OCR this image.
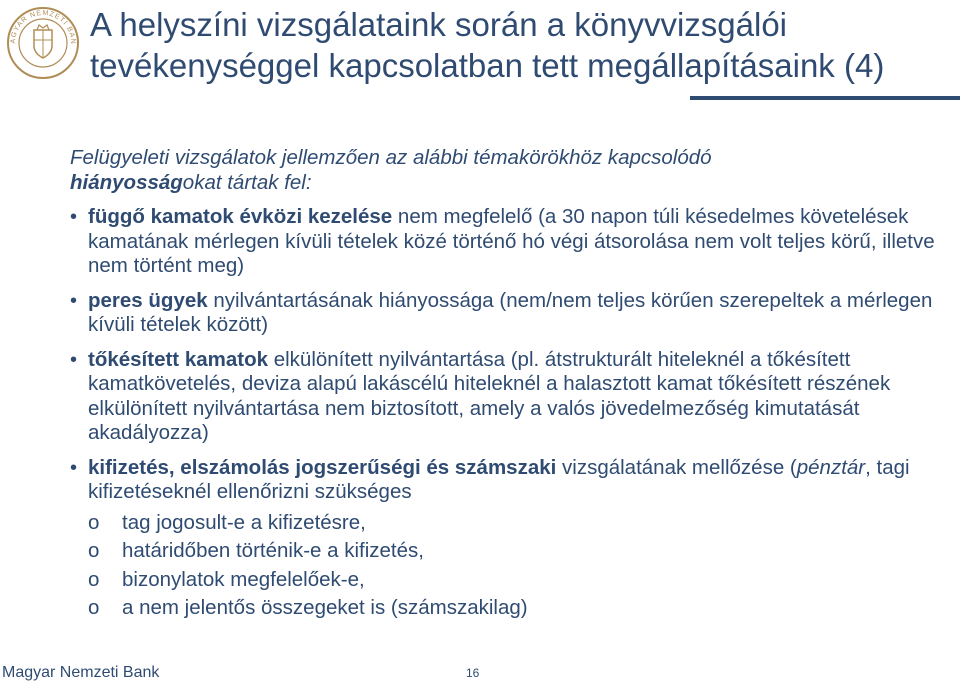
AGYAR NEMZETI BAN A helyszíni vizsgálataink során a könyvvizsgálói
tevékenységgel kapcsolatban tett megállapításaink (4)

Felügyeleti vizsgálatok jellemzően az alábbi témakörökhöz kapcsolódó
hiányosságokat tártak fel:

• függő kamatok évközi kezelése nem megfelelő (a 30 napon túli késedelmes követelések kamatának mérlegen kívüli tételek közé történő hó végi átsorolása nem volt teljes körű, illetve nem történt meg)
• peres ügyek nyilvántartásának hiányossága (nem/nem teljes körűen szerepeltek a mérlegen kívüli tételek között)
• tőkésített kamatok elkülönített nyilvántartása (pl. átstrukturált hiteleknél a tőkésített kamatkövetelés, deviza alapú lakáscélú hiteleknél a halasztott kamat tőkésített részének elkülönített nyilvántartása nem biztosított, amely a valós jövedelmezőség kimutatását akadályozza)
• kifizetés, elszámolás jogszerűségi és számszaki vizsgálatának mellőzése (pénztár, tagi kifizetéseknél ellenőrizni szükséges
o tag jogosult-e a kifizetésre,
o határidőben történik-e a kifizetés,
o bizonylatok megfelelőek-e,
o a nem jelentős összegeket is (számszakilag)
Magyar Nemzeti Bank	16
